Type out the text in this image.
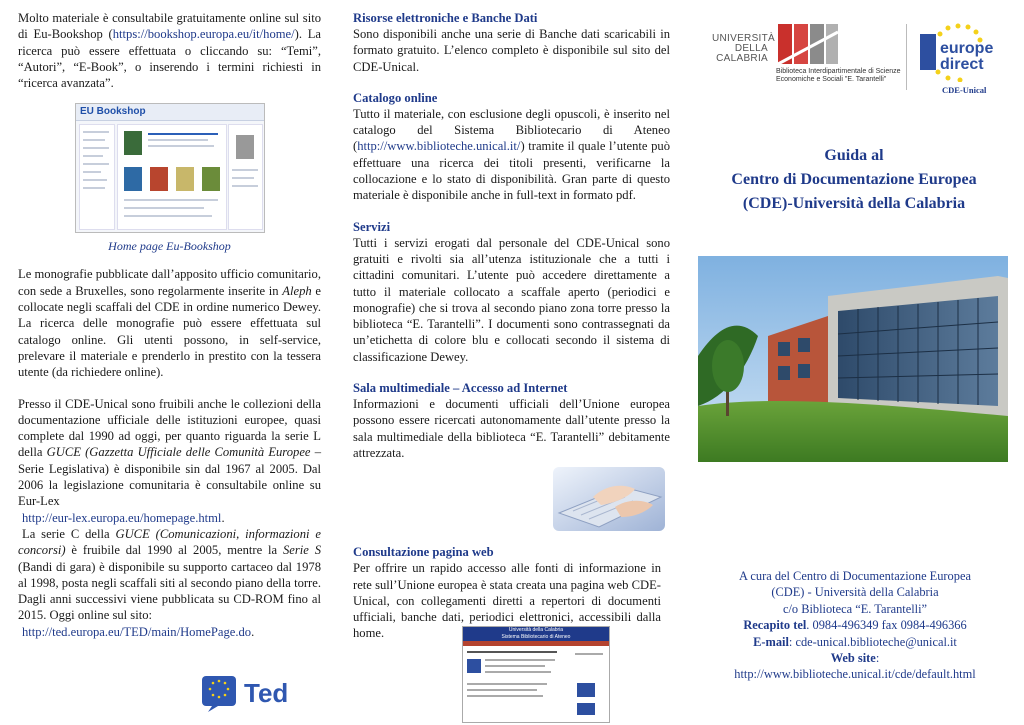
Molto materiale è consultabile gratuitamente online sul sito di Eu-Bookshop (https://bookshop.europa.eu/it/home/). La ricerca può essere effettuata o cliccando su: “Temi”, “Autori”, “E-Book”, o inserendo i termini richiesti in “ricerca avanzata”.

EU Bookshop
Home page Eu-Bookshop

Le monografie pubblicate dall’apposito ufficio comunitario, con sede a Bruxelles, sono regolarmente inserite in Aleph e collocate negli scaffali del CDE in ordine numerico Dewey. La ricerca delle monografie può essere effettuata sul catalogo online. Gli utenti possono, in self-service, prelevare il materiale e prenderlo in prestito con la tessera utente (da richiedere online).

Presso il CDE-Unical sono fruibili anche le collezioni della documentazione ufficiale delle istituzioni europee, quasi complete dal 1990 ad oggi, per quanto riguarda la serie L della GUCE (Gazzetta Ufficiale delle Comunità Europee – Serie Legislativa) è disponibile sin dal 1967 al 2005. Dal 2006 la legislazione comunitaria è consultabile online su Eur-Lex

http://eur-lex.europa.eu/homepage.html.

La serie C della GUCE (Comunicazioni, informazioni e concorsi) è fruibile dal 1990 al 2005, mentre la Serie S (Bandi di gara) è disponibile su supporto cartaceo dal 1978 al 1998, posta negli scaffali siti al secondo piano della torre. Dagli anni successivi viene pubblicata su CD-ROM fino al 2015. Oggi online sul sito:

http://ted.europa.eu/TED/main/HomePage.do.

Ted
Risorse elettroniche e Banche Dati

Sono disponibili anche una serie di Banche dati scaricabili in formato gratuito. L’elenco completo è disponibile sul sito del CDE-Unical.

Catalogo online

Tutto il materiale, con esclusione degli opuscoli, è inserito nel catalogo del Sistema Bibliotecario di Ateneo (http://www.biblioteche.unical.it/) tramite il quale l’utente può effettuare una ricerca dei titoli presenti, verificarne la collocazione e lo stato di disponibilità. Gran parte di questo materiale è disponibile anche in full-text in formato pdf.

Servizi

Tutti i servizi erogati dal personale del CDE-Unical sono gratuiti e rivolti sia all’utenza istituzionale che a tutti i cittadini comunitari. L’utente può accedere direttamente a tutto il materiale collocato a scaffale aperto (periodici e monografie) che si trova al secondo piano zona torre presso la biblioteca “E. Tarantelli”. I documenti sono contrassegnati da un’etichetta di colore blu e collocati secondo il sistema di classificazione Dewey.

Sala multimediale – Accesso ad Internet

Informazioni e documenti ufficiali dell’Unione europea possono essere ricercati autonomamente dall’utente presso la sala multimediale della biblioteca “E. Tarantelli” debitamente attrezzata.

Consultazione pagina web

Per offrire un rapido accesso alle fonti di informazione in rete sull’Unione europea è stata creata una pagina web CDE-Unical, con collegamenti diretti a repertori di documenti ufficiali, banche dati, periodici elettronici, accessibili dalla home.	Università della Calabria
Sistema Bibliotecario di Ateneo
UNIVERSITÀ
DELLA CALABRIA
Biblioteca Interdipartimentale di Scienze Economiche e Sociali "E. Tarantelli"
europe
direct
CDE-Unical
Guida al
Centro di Documentazione Europea
(CDE)-Università della Calabria
A cura del Centro di Documentazione Europea
(CDE) - Università della Calabria
c/o Biblioteca “E. Tarantelli”
Recapito tel. 0984-496349 fax 0984-496366
E-mail: cde-unical.biblioteche@unical.it
Web site:
http://www.biblioteche.unical.it/cde/default.html
